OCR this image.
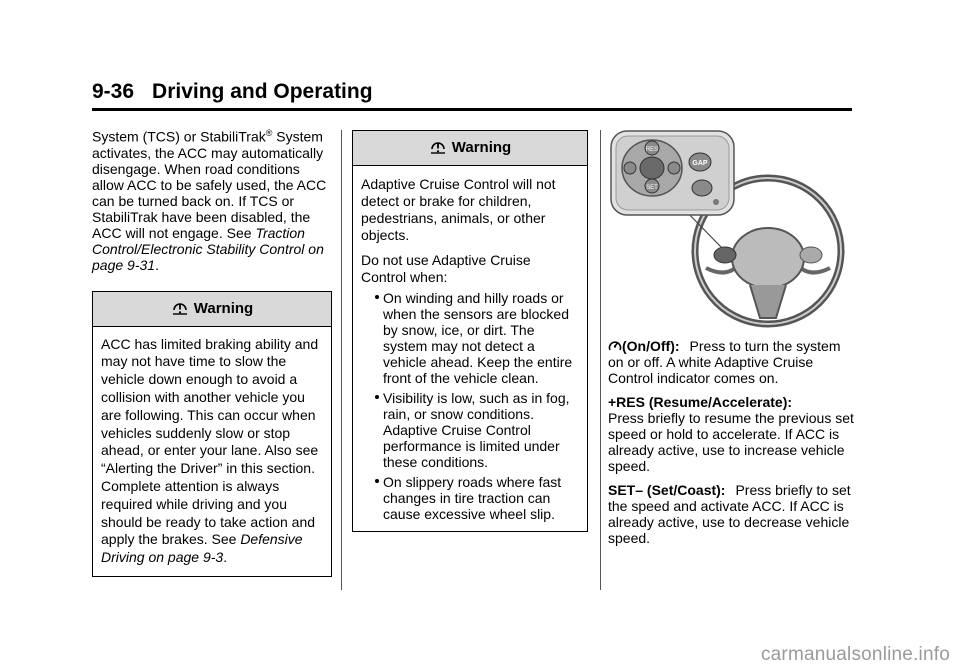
9-36 Driving and Operating

System (TCS) or StabiliTrak® System activates, the ACC may automatically disengage. When road conditions allow ACC to be safely used, the ACC can be turned back on. If TCS or StabiliTrak have been disabled, the ACC will not engage. See Traction Control/Electronic Stability Control on page 9-31.

Warning
ACC has limited braking ability and may not have time to slow the vehicle down enough to avoid a collision with another vehicle you are following. This can occur when vehicles suddenly slow or stop ahead, or enter your lane. Also see “Alerting the Driver” in this section. Complete attention is always required while driving and you should be ready to take action and apply the brakes. See Defensive Driving on page 9-3.
Warning

Adaptive Cruise Control will not detect or brake for children, pedestrians, animals, or other objects.

Do not use Adaptive Cruise Control when:

On winding and hilly roads or when the sensors are blocked by snow, ice, or dirt. The system may not detect a vehicle ahead. Keep the entire front of the vehicle clean.
Visibility is low, such as in fog, rain, or snow conditions. Adaptive Cruise Control performance is limited under these conditions.
On slippery roads where fast changes in tire traction can cause excessive wheel slip.
RES
SET
GAP

(On/Off): Press to turn the system on or off. A white Adaptive Cruise Control indicator comes on.

+RES (Resume/Accelerate):
Press briefly to resume the previous set speed or hold to accelerate. If ACC is already active, use to increase vehicle speed.

SET– (Set/Coast): Press briefly to set the speed and activate ACC. If ACC is already active, use to decrease vehicle speed.

carmanualsonline.info
